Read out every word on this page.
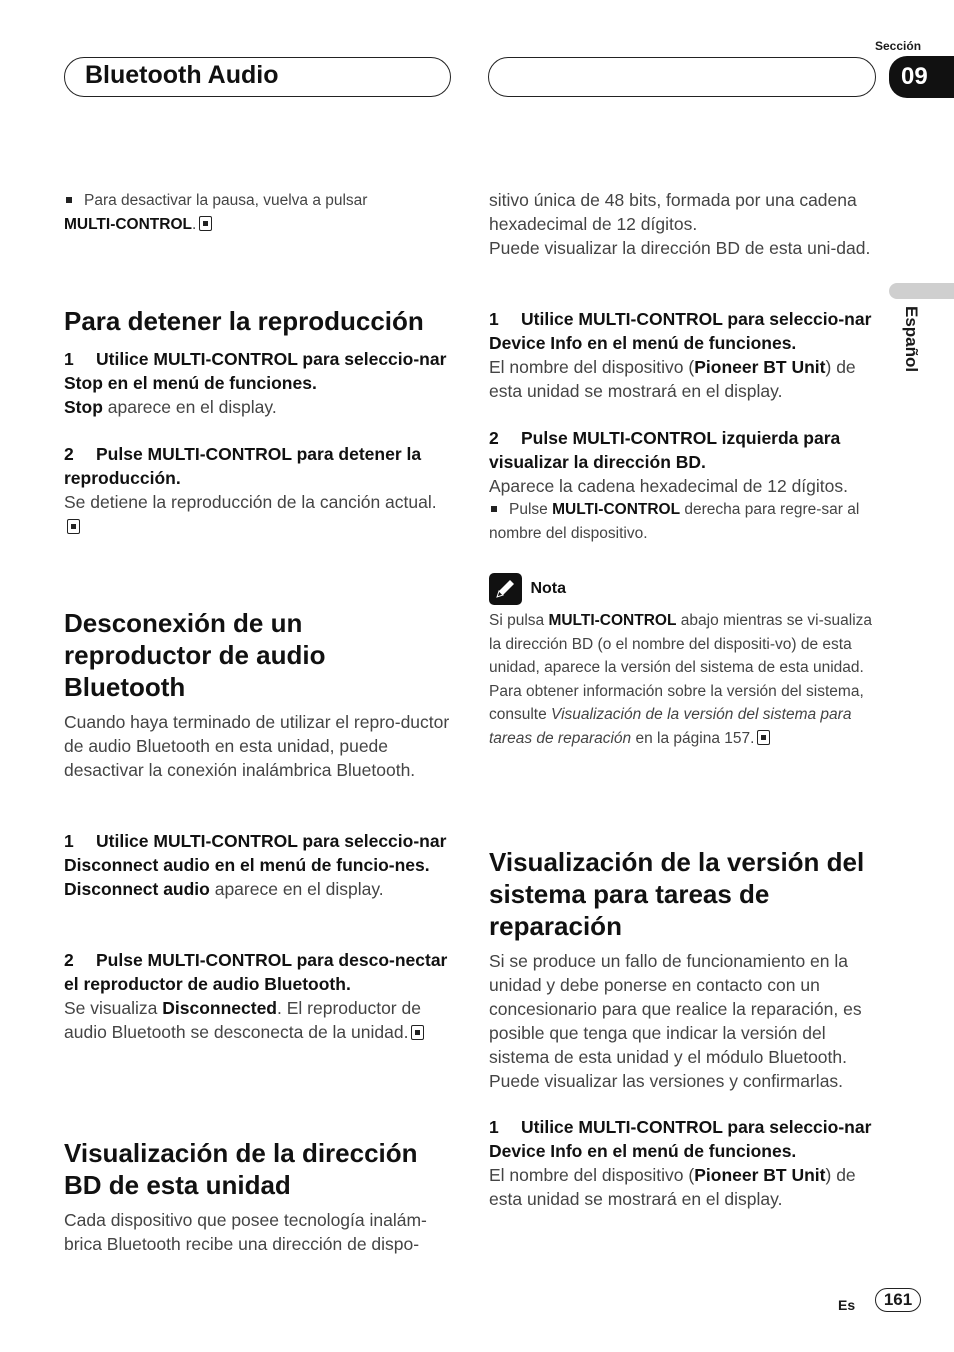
Bluetooth Audio
Sección
09
Español

Para desactivar la pausa, vuelva a pulsar
MULTI-CONTROL.

Para detener la reproducción

1 Utilice MULTI-CONTROL para seleccio-nar Stop en el menú de funciones.

Stop aparece en el display.

2 Pulse MULTI-CONTROL para detener la reproducción.

Se detiene la reproducción de la canción actual.

Desconexión de un reproductor de audio Bluetooth

Cuando haya terminado de utilizar el repro-ductor de audio Bluetooth en esta unidad, puede desactivar la conexión inalámbrica Bluetooth.

1 Utilice MULTI-CONTROL para seleccio-nar Disconnect audio en el menú de funcio-nes.

Disconnect audio aparece en el display.

2 Pulse MULTI-CONTROL para desco-nectar el reproductor de audio Bluetooth.

Se visualiza Disconnected. El reproductor de audio Bluetooth se desconecta de la unidad.

Visualización de la dirección BD de esta unidad

Cada dispositivo que posee tecnología inalám-brica Bluetooth recibe una dirección de dispo-

sitivo única de 48 bits, formada por una cadena hexadecimal de 12 dígitos.

Puede visualizar la dirección BD de esta uni-dad.

1 Utilice MULTI-CONTROL para seleccio-nar Device Info en el menú de funciones.

El nombre del dispositivo (Pioneer BT Unit) de esta unidad se mostrará en el display.

2 Pulse MULTI-CONTROL izquierda para visualizar la dirección BD.

Aparece la cadena hexadecimal de 12 dígitos.

Pulse MULTI-CONTROL derecha para regre-sar al nombre del dispositivo.

Nota

Si pulsa MULTI-CONTROL abajo mientras se vi-sualiza la dirección BD (o el nombre del dispositi-vo) de esta unidad, aparece la versión del sistema de esta unidad. Para obtener información sobre la versión del sistema, consulte Visualización de la versión del sistema para tareas de reparación en la página 157.

Visualización de la versión del sistema para tareas de reparación

Si se produce un fallo de funcionamiento en la unidad y debe ponerse en contacto con un concesionario para que realice la reparación, es posible que tenga que indicar la versión del sistema de esta unidad y el módulo Bluetooth. Puede visualizar las versiones y confirmarlas.

1 Utilice MULTI-CONTROL para seleccio-nar Device Info en el menú de funciones.

El nombre del dispositivo (Pioneer BT Unit) de esta unidad se mostrará en el display.

Es	161
